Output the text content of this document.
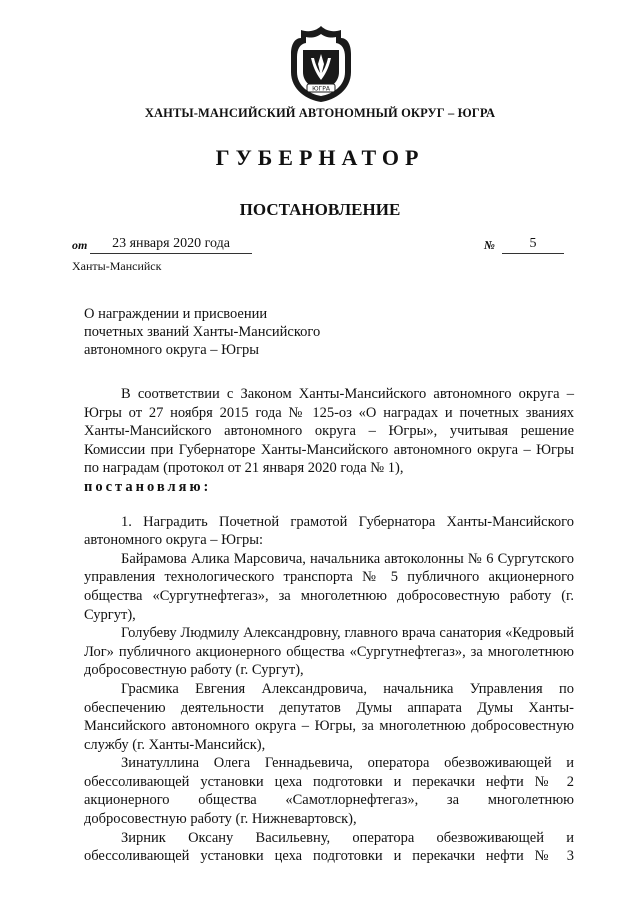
ЮГРА
ХАНТЫ-МАНСИЙСКИЙ АВТОНОМНЫЙ ОКРУГ – ЮГРА
ГУБЕРНАТОР
ПОСТАНОВЛЕНИЕ
от	23 января 2020 года	№	5
Ханты-Мансийск
О награждении и присвоении
почетных званий Ханты-Мансийского
автономного округа – Югры

В соответствии с Законом Ханты-Мансийского автономного округа – Югры от 27 ноября 2015 года № 125-оз «О наградах и почетных званиях Ханты-Мансийского автономного округа – Югры», учитывая решение Комиссии при Губернаторе Ханты-Мансийского автономного округа – Югры по наградам (протокол от 21 января 2020 года № 1),
постановляю:

1. Наградить Почетной грамотой Губернатора Ханты-Мансийского автономного округа – Югры:

Байрамова Алика Марсовича, начальника автоколонны № 6 Сургутского управления технологического транспорта № 5 публичного акционерного общества «Сургутнефтегаз», за многолетнюю добросовестную работу (г. Сургут),

Голубеву Людмилу Александровну, главного врача санатория «Кедровый Лог» публичного акционерного общества «Сургутнефтегаз», за многолетнюю добросовестную работу (г. Сургут),

Грасмика Евгения Александровича, начальника Управления по обеспечению деятельности депутатов Думы аппарата Думы Ханты-Мансийского автономного округа – Югры, за многолетнюю добросовестную службу (г. Ханты-Мансийск),

Зинатуллина Олега Геннадьевича, оператора обезвоживающей и обессоливающей установки цеха подготовки и перекачки нефти № 2 акционерного общества «Самотлорнефтегаз», за многолетнюю добросовестную работу (г. Нижневартовск),

Зирник Оксану Васильевну, оператора обезвоживающей и обессоливающей установки цеха подготовки и перекачки нефти № 3
